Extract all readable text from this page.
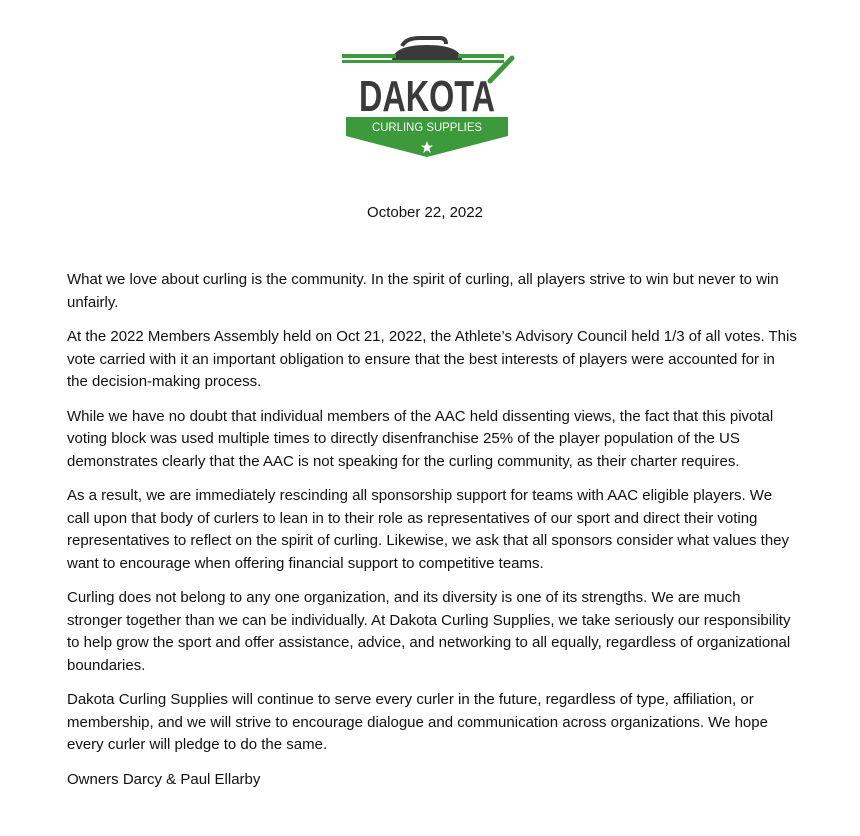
DAKOTA
CURLING SUPPLIES
October 22, 2022

What we love about curling is the community. In the spirit of curling, all players strive to win but never to win unfairly.

At the 2022 Members Assembly held on Oct 21, 2022, the Athlete’s Advisory Council held 1/3 of all votes. This vote carried with it an important obligation to ensure that the best interests of players were accounted for in the decision-making process.

While we have no doubt that individual members of the AAC held dissenting views, the fact that this pivotal voting block was used multiple times to directly disenfranchise 25% of the player population of the US demonstrates clearly that the AAC is not speaking for the curling community, as their charter requires.

As a result, we are immediately rescinding all sponsorship support for teams with AAC eligible players. We call upon that body of curlers to lean in to their role as representatives of our sport and direct their voting representatives to reflect on the spirit of curling. Likewise, we ask that all sponsors consider what values they want to encourage when offering financial support to competitive teams.

Curling does not belong to any one organization, and its diversity is one of its strengths. We are much stronger together than we can be individually. At Dakota Curling Supplies, we take seriously our responsibility to help grow the sport and offer assistance, advice, and networking to all equally, regardless of organizational boundaries.

Dakota Curling Supplies will continue to serve every curler in the future, regardless of type, affiliation, or membership, and we will strive to encourage dialogue and communication across organizations. We hope every curler will pledge to do the same.

Owners Darcy & Paul Ellarby
